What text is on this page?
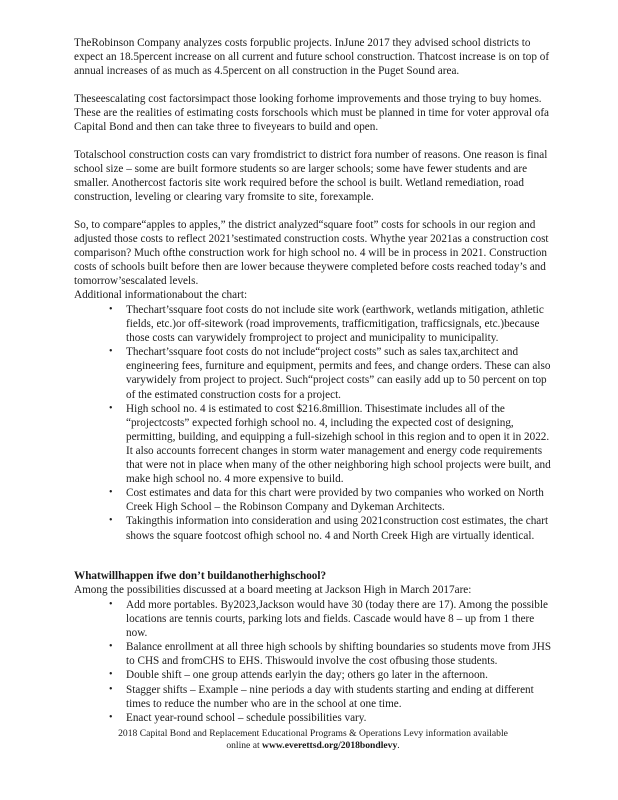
TheRobinson Company analyzes costs forpublic projects. InJune 2017 they advised school districts to expect an 18.5percent increase on all current and future school construction. Thatcost increase is on top of annual increases of as much as 4.5percent on all construction in the Puget Sound area.

Theseescalating cost factorsimpact those looking forhome improvements and those trying to buy homes. These are the realities of estimating costs forschools which must be planned in time for voter approval ofa Capital Bond and then can take three to fiveyears to build and open.

Totalschool construction costs can vary fromdistrict to district fora number of reasons. One reason is final school size – some are built formore students so are larger schools; some have fewer students and are smaller. Anothercost factoris site work required before the school is built. Wetland remediation, road construction, leveling or clearing vary fromsite to site, forexample.

So, to compare“apples to apples,” the district analyzed“square foot” costs for schools in our region and adjusted those costs to reflect 2021’sestimated construction costs. Whythe year 2021as a construction cost comparison? Much ofthe construction work for high school no. 4 will be in process in 2021. Construction costs of schools built before then are lower because theywere completed before costs reached today’s and tomorrow’sescalated levels.

Additional informationabout the chart:

• Thechart’ssquare foot costs do not include site work (earthwork, wetlands mitigation, athletic fields, etc.)or off-sitework (road improvements, trafficmitigation, trafficsignals, etc.)because those costs can varywidely fromproject to project and municipality to municipality.
• Thechart’ssquare foot costs do not include“project costs” such as sales tax,architect and engineering fees, furniture and equipment, permits and fees, and change orders. These can also varywidely from project to project. Such“project costs” can easily add up to 50 percent on top of the estimated construction costs for a project.
• High school no. 4 is estimated to cost $216.8million. Thisestimate includes all of the “projectcosts” expected forhigh school no. 4, including the expected cost of designing, permitting, building, and equipping a full-sizehigh school in this region and to open it in 2022. It also accounts forrecent changes in storm water management and energy code requirements that were not in place when many of the other neighboring high school projects were built, and make high school no. 4 more expensive to build.
• Cost estimates and data for this chart were provided by two companies who worked on North Creek High School – the Robinson Company and Dykeman Architects.
• Takingthis information into consideration and using 2021construction cost estimates, the chart shows the square footcost ofhigh school no. 4 and North Creek High are virtually identical.

Whatwillhappen ifwe don’t buildanotherhighschool?

Among the possibilities discussed at a board meeting at Jackson High in March 2017are:

• Add more portables. By2023,Jackson would have 30 (today there are 17). Among the possible locations are tennis courts, parking lots and fields. Cascade would have 8 – up from 1 there now.
• Balance enrollment at all three high schools by shifting boundaries so students move from JHS to CHS and fromCHS to EHS. Thiswould involve the cost ofbusing those students.
• Double shift – one group attends earlyin the day; others go later in the afternoon.
• Stagger shifts – Example – nine periods a day with students starting and ending at different times to reduce the number who are in the school at one time.
• Enact year-round school – schedule possibilities vary.
2018 Capital Bond and Replacement Educational Programs & Operations Levy information available
online at www.everettsd.org/2018bondlevy.
